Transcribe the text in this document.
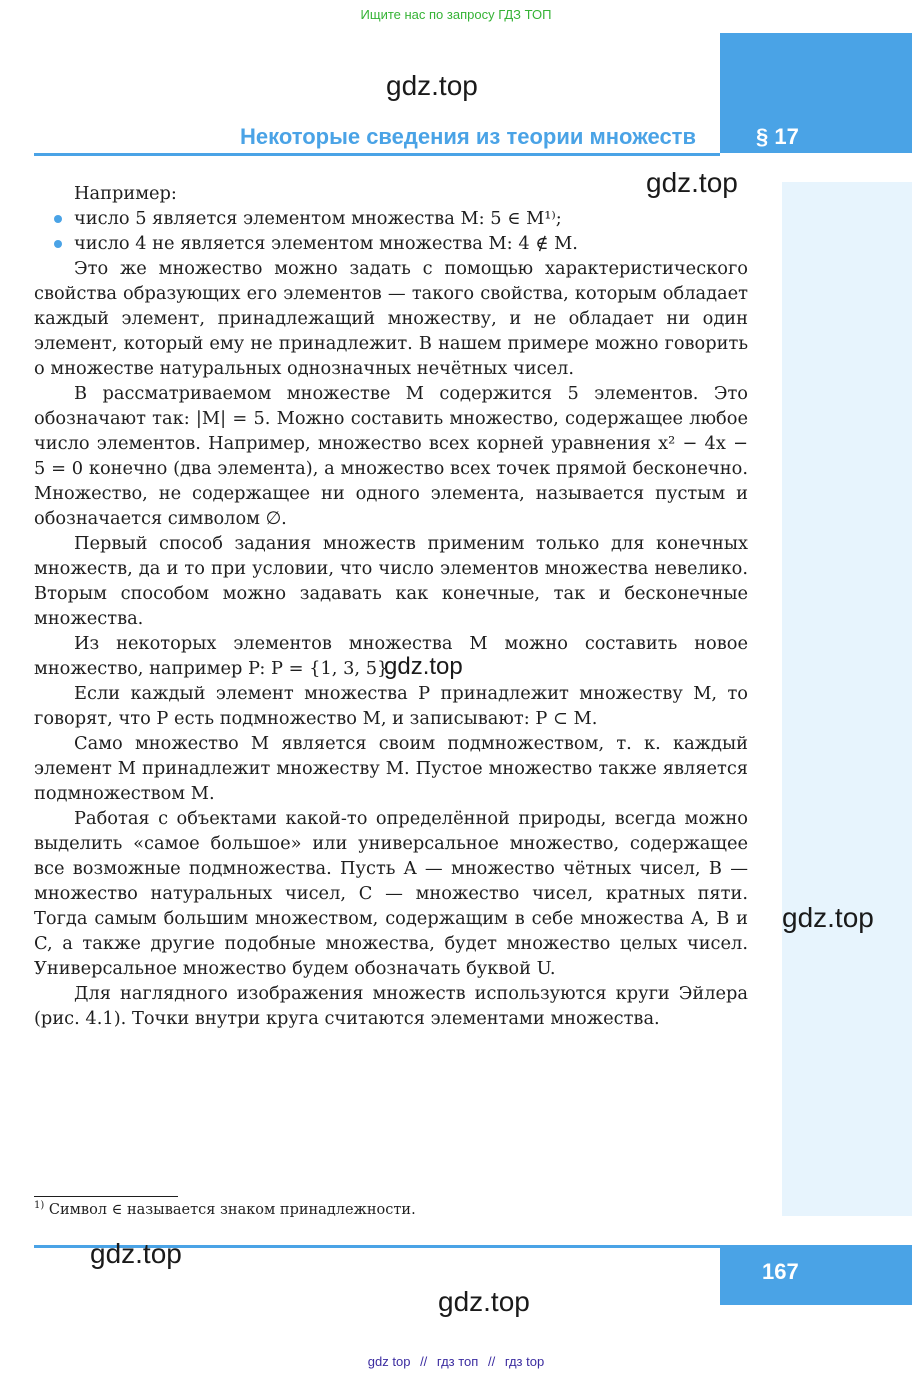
Ищите нас по запросу ГДЗ ТОП
Некоторые сведения из теории множеств	§ 17
167
gdz.top
gdz.top
gdz.top
gdz.top
gdz.top
gdz.top

Например:

число 5 является элементом множества M: 5 ∈ M¹⁾;
число 4 не является элементом множества M: 4 ∉ M.

Это же множество можно задать с помощью характеристического свойства образующих его элементов — такого свойства, которым обладает каждый элемент, принадлежащий множеству, и не обладает ни один элемент, который ему не принадлежит. В нашем примере можно говорить о множестве натуральных однозначных нечётных чисел.

В рассматриваемом множестве M содержится 5 элементов. Это обозначают так: |M| = 5. Можно составить множество, содержащее любое число элементов. Например, множество всех корней уравнения x² − 4x − 5 = 0 конечно (два элемента), а множество всех точек прямой бесконечно. Множество, не содержащее ни одного элемента, называется пустым и обозначается символом ∅.

Первый способ задания множеств применим только для конечных множеств, да и то при условии, что число элементов множества невелико. Вторым способом можно задавать как конечные, так и бесконечные множества.

Из некоторых элементов множества M можно составить новое множество, например P: P = {1, 3, 5}.

Если каждый элемент множества P принадлежит множеству M, то говорят, что P есть подмножество M, и записывают: P ⊂ M.

Само множество M является своим подмножеством, т. к. каждый элемент M принадлежит множеству M. Пустое множество также является подмножеством M.

Работая с объектами какой-то определённой природы, всегда можно выделить «самое большое» или универсальное множество, содержащее все возможные подмножества. Пусть A — множество чётных чисел, B — множество натуральных чисел, C — множество чисел, кратных пяти. Тогда самым большим множеством, содержащим в себе множества A, B и C, а также другие подобные множества, будет множество целых чисел. Универсальное множество будем обозначать буквой U.

Для наглядного изображения множеств используются круги Эйлера (рис. 4.1). Точки внутри круга считаются элементами множества.

$^{1)}$ Символ ∈ называется знаком принадлежности.
gdz top // гдз топ // гдз top
